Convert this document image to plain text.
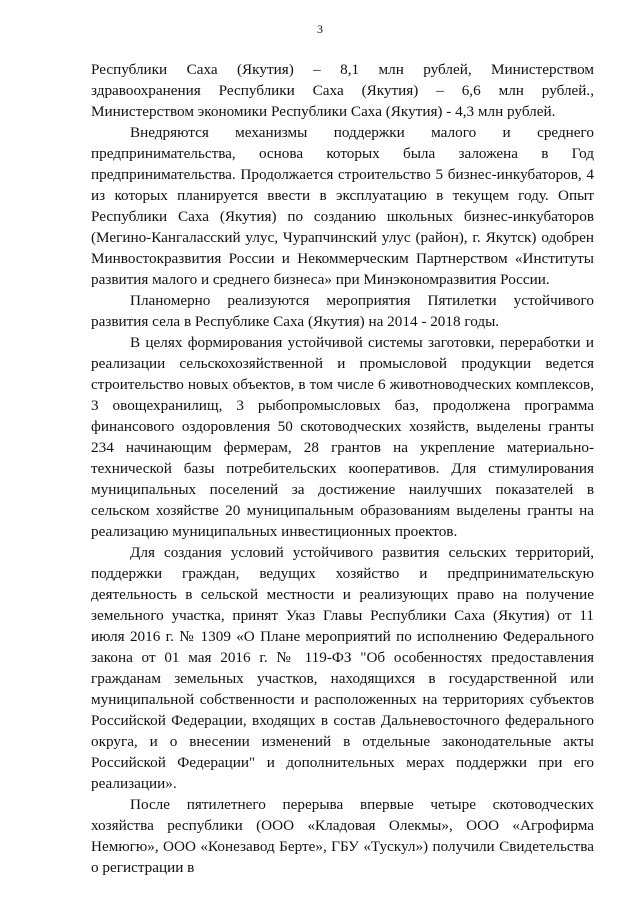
3

Республики Саха (Якутия) – 8,1 млн рублей, Министерством здравоохранения Республики Саха (Якутия) – 6,6 млн рублей., Министерством экономики Республики Саха (Якутия) - 4,3 млн рублей.

Внедряются механизмы поддержки малого и среднего предпринимательства, основа которых была заложена в Год предпринимательства. Продолжается строительство 5 бизнес-инкубаторов, 4 из которых планируется ввести в эксплуатацию в текущем году. Опыт Республики Саха (Якутия) по созданию школьных бизнес-инкубаторов (Мегино-Кангаласский улус, Чурапчинский улус (район), г. Якутск) одобрен Минвостокразвития России и Некоммерческим Партнерством «Институты развития малого и среднего бизнеса» при Минэкономразвития России.

Планомерно реализуются мероприятия Пятилетки устойчивого развития села в Республике Саха (Якутия) на 2014 - 2018 годы.

В целях формирования устойчивой системы заготовки, переработки и реализации сельскохозяйственной и промысловой продукции ведется строительство новых объектов, в том числе 6 животноводческих комплексов, 3 овощехранилищ, 3 рыбопромысловых баз, продолжена программа финансового оздоровления 50 скотоводческих хозяйств, выделены гранты 234 начинающим фермерам, 28 грантов на укрепление материально-технической базы потребительских кооперативов. Для стимулирования муниципальных поселений за достижение наилучших показателей в сельском хозяйстве 20 муниципальным образованиям выделены гранты на реализацию муниципальных инвестиционных проектов.

Для создания условий устойчивого развития сельских территорий, поддержки граждан, ведущих хозяйство и предпринимательскую деятельность в сельской местности и реализующих право на получение земельного участка, принят Указ Главы Республики Саха (Якутия) от 11 июля 2016 г. № 1309 «О Плане мероприятий по исполнению Федерального закона от 01 мая 2016 г. № 119-ФЗ "Об особенностях предоставления гражданам земельных участков, находящихся в государственной или муниципальной собственности и расположенных на территориях субъектов Российской Федерации, входящих в состав Дальневосточного федерального округа, и о внесении изменений в отдельные законодательные акты Российской Федерации" и дополнительных мерах поддержки при его реализации».

После пятилетнего перерыва впервые четыре скотоводческих хозяйства республики (ООО «Кладовая Олекмы», ООО «Агрофирма Немюгю», ООО «Конезавод Берте», ГБУ «Тускул») получили Свидетельства о регистрации в
